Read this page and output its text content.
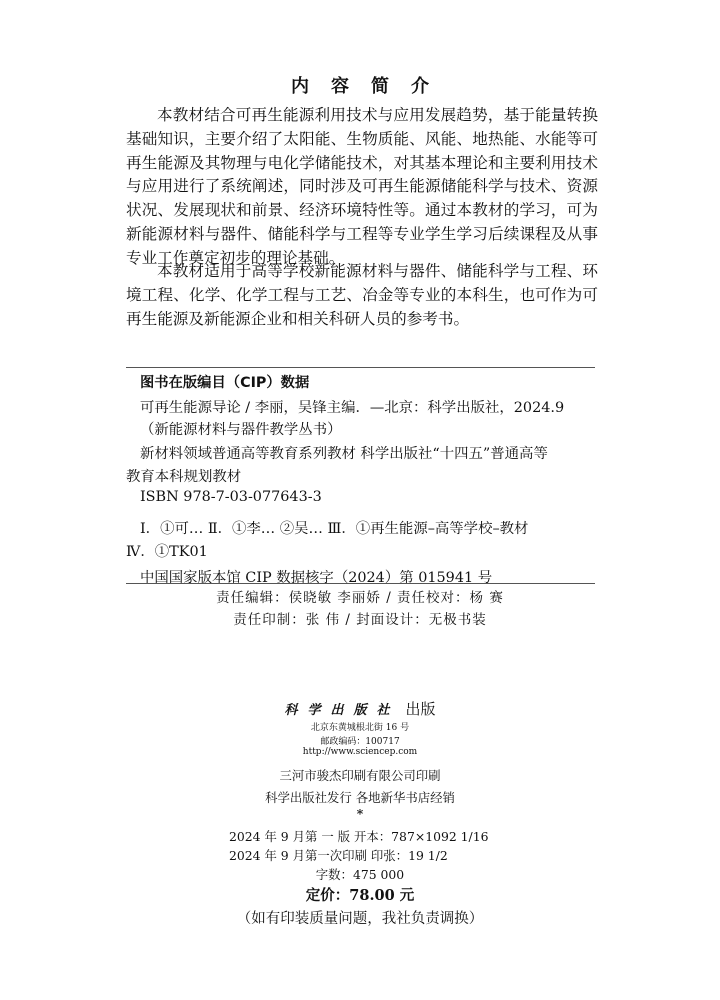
内容简介

本教材结合可再生能源利用技术与应用发展趋势，基于能量转换基础知识，主要介绍了太阳能、生物质能、风能、地热能、水能等可再生能源及其物理与电化学储能技术，对其基本理论和主要利用技术与应用进行了系统阐述，同时涉及可再生能源储能科学与技术、资源状况、发展现状和前景、经济环境特性等。通过本教材的学习，可为新能源材料与器件、储能科学与工程等专业学生学习后续课程及从事专业工作奠定初步的理论基础。

本教材适用于高等学校新能源材料与器件、储能科学与工程、环境工程、化学、化学工程与工艺、冶金等专业的本科生，也可作为可再生能源及新能源企业和相关科研人员的参考书。

图书在版编目（CIP）数据
可再生能源导论 / 李丽，吴锋主编．—北京：科学出版社，2024.9
（新能源材料与器件教学丛书）
新材料领域普通高等教育系列教材 科学出版社“十四五”普通高等
教育本科规划教材
ISBN 978-7-03-077643-3
Ⅰ．①可… Ⅱ．①李… ②吴… Ⅲ．①再生能源–高等学校–教材
Ⅳ．①TK01
中国国家版本馆 CIP 数据核字（2024）第 015941 号
责任编辑：侯晓敏 李丽娇 / 责任校对：杨 赛
责任印制：张 伟 / 封面设计：无极书装
科学出版社 出版
北京东黄城根北街 16 号
邮政编码：100717
http://www.sciencep.com
三河市骏杰印刷有限公司印刷
科学出版社发行 各地新华书店经销
*
2024 年 9 月第 一 版 开本：787×1092 1/16
2024 年 9 月第一次印刷 印张：19 1/2
字数：475 000
定价：78.00 元
（如有印装质量问题，我社负责调换）
